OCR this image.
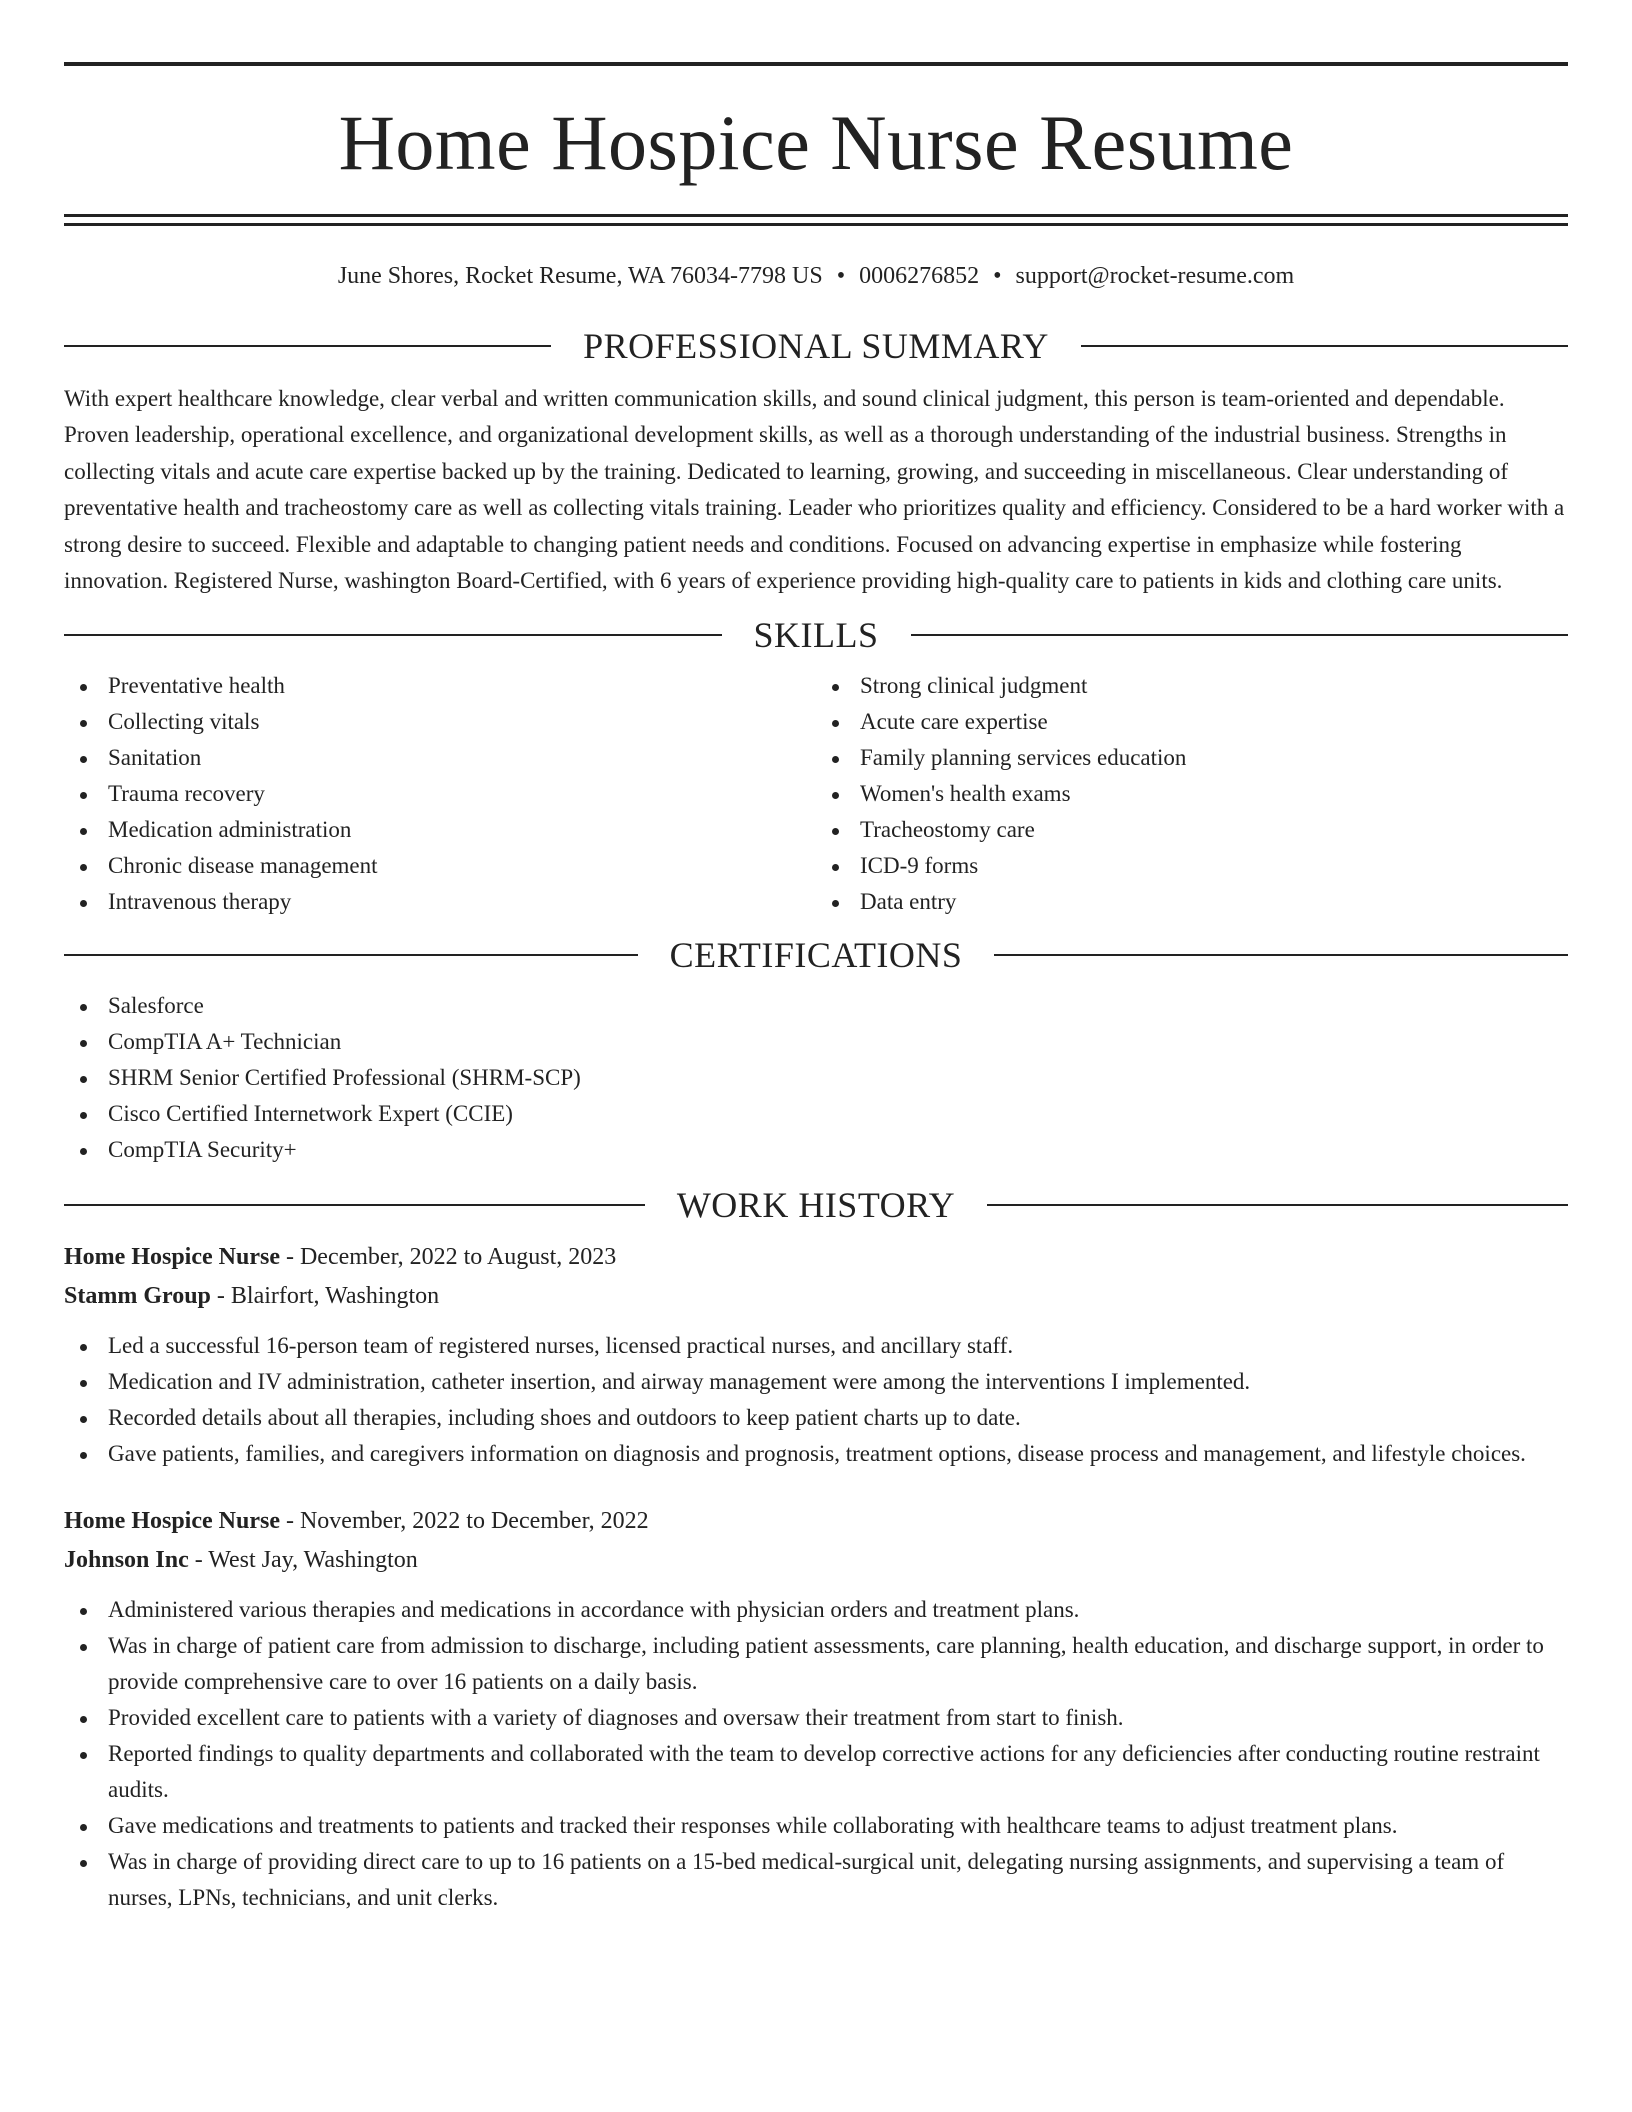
Home Hospice Nurse Resume
June Shores, Rocket Resume, WA 76034-7798 US • 0006276852 • support@rocket-resume.com
PROFESSIONAL SUMMARY

With expert healthcare knowledge, clear verbal and written communication skills, and sound clinical judgment, this person is team-oriented and dependable. Proven leadership, operational excellence, and organizational development skills, as well as a thorough understanding of the industrial business. Strengths in collecting vitals and acute care expertise backed up by the training. Dedicated to learning, growing, and succeeding in miscellaneous. Clear understanding of preventative health and tracheostomy care as well as collecting vitals training. Leader who prioritizes quality and efficiency. Considered to be a hard worker with a strong desire to succeed. Flexible and adaptable to changing patient needs and conditions. Focused on advancing expertise in emphasize while fostering innovation. Registered Nurse, washington Board-Certified, with 6 years of experience providing high-quality care to patients in kids and clothing care units.

SKILLS
Preventative health
Collecting vitals
Sanitation
Trauma recovery
Medication administration
Chronic disease management
Intravenous therapy
Strong clinical judgment
Acute care expertise
Family planning services education
Women's health exams
Tracheostomy care
ICD-9 forms
Data entry
CERTIFICATIONS
Salesforce
CompTIA A+ Technician
SHRM Senior Certified Professional (SHRM-SCP)
Cisco Certified Internetwork Expert (CCIE)
CompTIA Security+
WORK HISTORY
Home Hospice Nurse - December, 2022 to August, 2023
Stamm Group - Blairfort, Washington
Led a successful 16-person team of registered nurses, licensed practical nurses, and ancillary staff.
Medication and IV administration, catheter insertion, and airway management were among the interventions I implemented.
Recorded details about all therapies, including shoes and outdoors to keep patient charts up to date.
Gave patients, families, and caregivers information on diagnosis and prognosis, treatment options, disease process and management, and lifestyle choices.
Home Hospice Nurse - November, 2022 to December, 2022
Johnson Inc - West Jay, Washington
Administered various therapies and medications in accordance with physician orders and treatment plans.
Was in charge of patient care from admission to discharge, including patient assessments, care planning, health education, and discharge support, in order to provide comprehensive care to over 16 patients on a daily basis.
Provided excellent care to patients with a variety of diagnoses and oversaw their treatment from start to finish.
Reported findings to quality departments and collaborated with the team to develop corrective actions for any deficiencies after conducting routine restraint audits.
Gave medications and treatments to patients and tracked their responses while collaborating with healthcare teams to adjust treatment plans.
Was in charge of providing direct care to up to 16 patients on a 15-bed medical-surgical unit, delegating nursing assignments, and supervising a team of nurses, LPNs, technicians, and unit clerks.
